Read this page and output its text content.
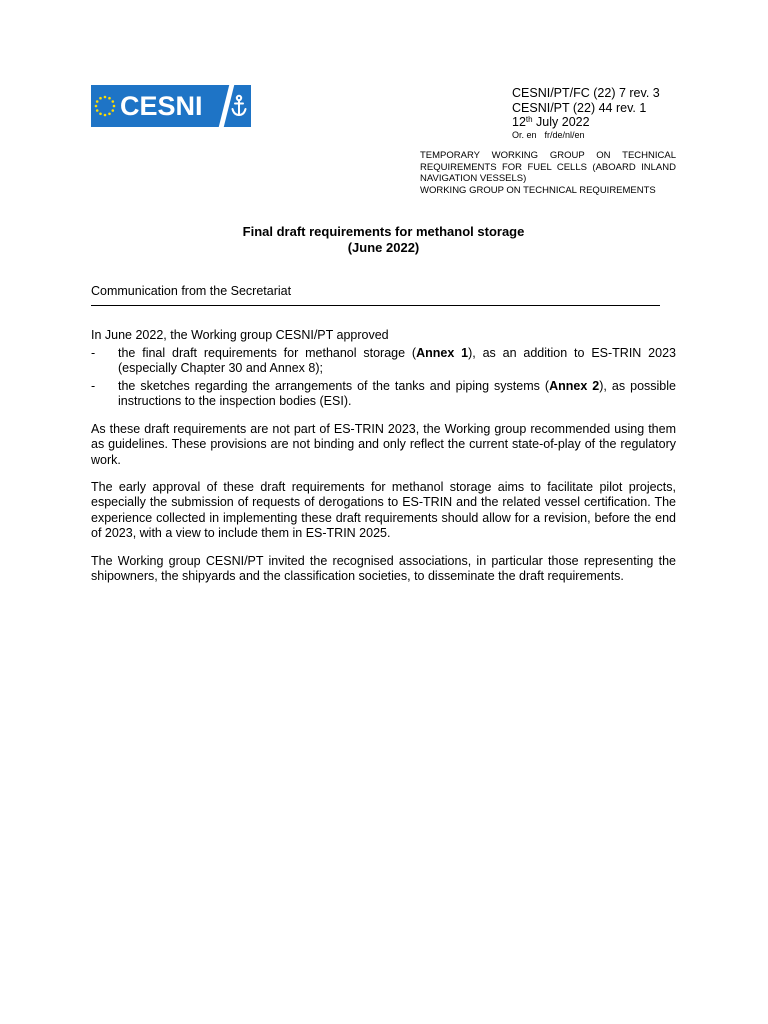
CESNI	CESNI/PT/FC (22) 7 rev. 3
CESNI/PT (22) 44 rev. 1
12th July 2022
Or. en fr/de/nl/en
TEMPORARY WORKING GROUP ON TECHNICAL REQUIREMENTS FOR FUEL CELLS (ABOARD INLAND NAVIGATION VESSELS)
WORKING GROUP ON TECHNICAL REQUIREMENTS
Final draft requirements for methanol storage
(June 2022)
Communication from the Secretariat
In June 2022, the Working group CESNI/PT approved
- the final draft requirements for methanol storage (Annex 1), as an addition to ES-TRIN 2023 (especially Chapter 30 and Annex 8);
- the sketches regarding the arrangements of the tanks and piping systems (Annex 2), as possible instructions to the inspection bodies (ESI).
As these draft requirements are not part of ES-TRIN 2023, the Working group recommended using them as guidelines. These provisions are not binding and only reflect the current state-of-play of the regulatory work.
The early approval of these draft requirements for methanol storage aims to facilitate pilot projects, especially the submission of requests of derogations to ES-TRIN and the related vessel certification. The experience collected in implementing these draft requirements should allow for a revision, before the end of 2023, with a view to include them in ES-TRIN 2025.
The Working group CESNI/PT invited the recognised associations, in particular those representing the shipowners, the shipyards and the classification societies, to disseminate the draft requirements.
